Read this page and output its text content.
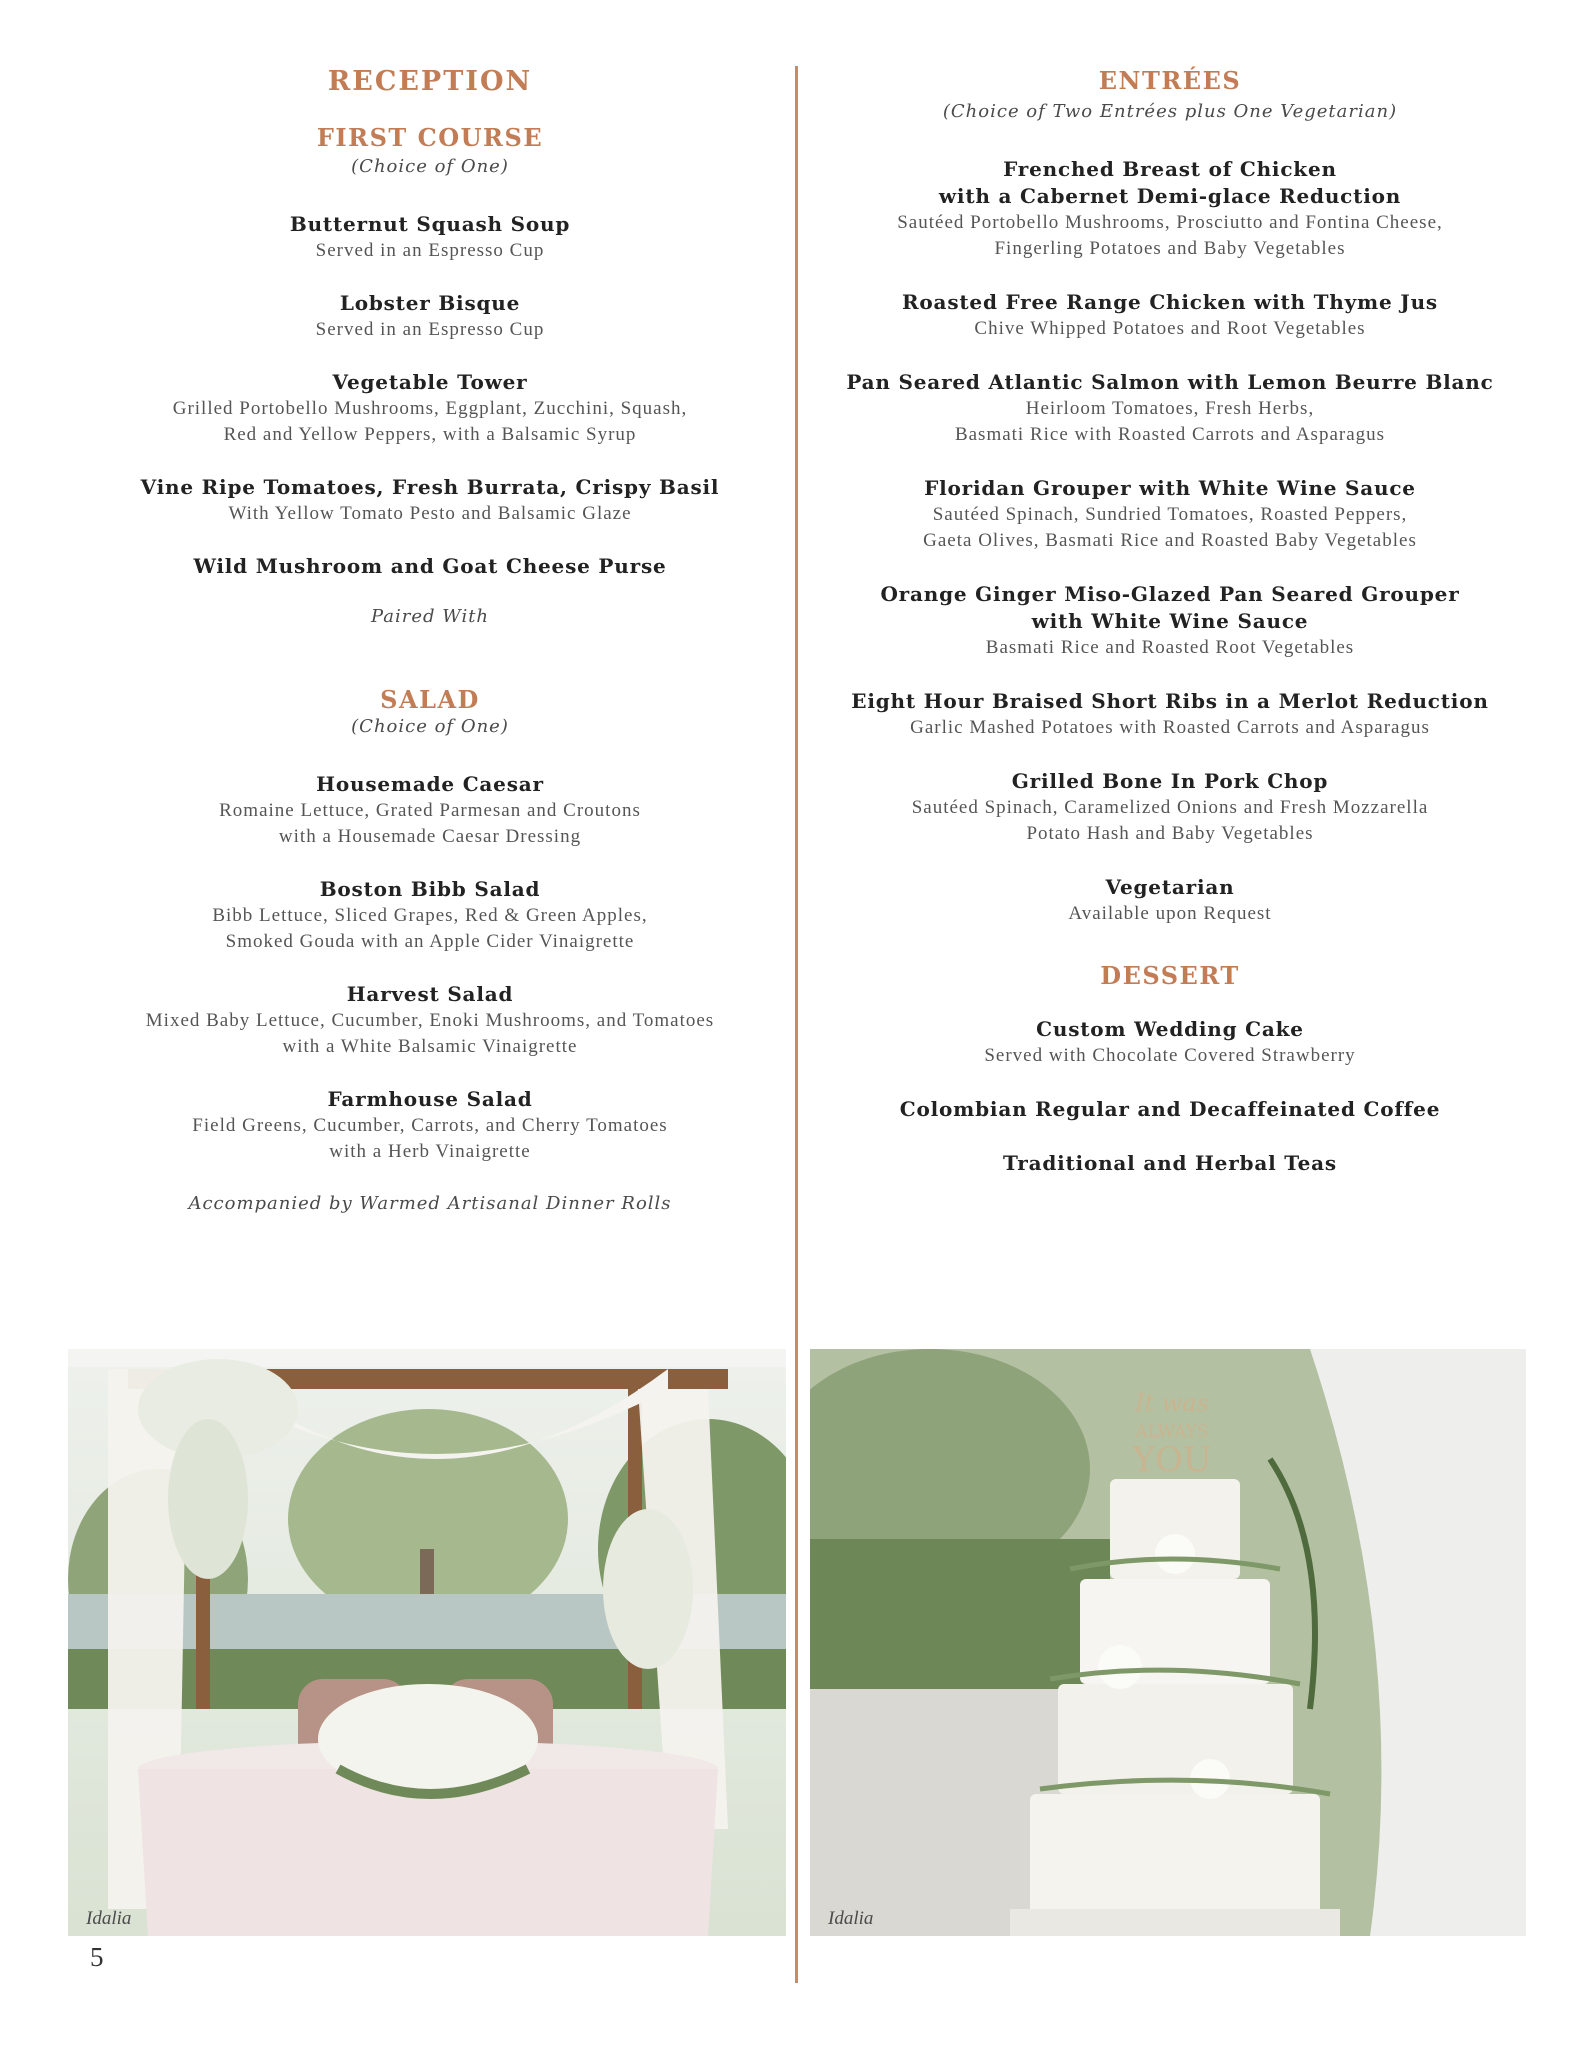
RECEPTION
FIRST COURSE
(Choice of One)
Butternut Squash Soup
Served in an Espresso Cup
Lobster Bisque
Served in an Espresso Cup
Vegetable Tower
Grilled Portobello Mushrooms, Eggplant, Zucchini, Squash,
Red and Yellow Peppers, with a Balsamic Syrup
Vine Ripe Tomatoes, Fresh Burrata, Crispy Basil
With Yellow Tomato Pesto and Balsamic Glaze
Wild Mushroom and Goat Cheese Purse
Paired With
SALAD
(Choice of One)
Housemade Caesar
Romaine Lettuce, Grated Parmesan and Croutons
with a Housemade Caesar Dressing
Boston Bibb Salad
Bibb Lettuce, Sliced Grapes, Red & Green Apples,
Smoked Gouda with an Apple Cider Vinaigrette
Harvest Salad
Mixed Baby Lettuce, Cucumber, Enoki Mushrooms, and Tomatoes
with a White Balsamic Vinaigrette
Farmhouse Salad
Field Greens, Cucumber, Carrots, and Cherry Tomatoes
with a Herb Vinaigrette
Accompanied by Warmed Artisanal Dinner Rolls
ENTRÉES
(Choice of Two Entrées plus One Vegetarian)
Frenched Breast of Chicken
with a Cabernet Demi-glace Reduction
Sautéed Portobello Mushrooms, Prosciutto and Fontina Cheese,
Fingerling Potatoes and Baby Vegetables
Roasted Free Range Chicken with Thyme Jus
Chive Whipped Potatoes and Root Vegetables
Pan Seared Atlantic Salmon with Lemon Beurre Blanc
Heirloom Tomatoes, Fresh Herbs,
Basmati Rice with Roasted Carrots and Asparagus
Floridan Grouper with White Wine Sauce
Sautéed Spinach, Sundried Tomatoes, Roasted Peppers,
Gaeta Olives, Basmati Rice and Roasted Baby Vegetables
Orange Ginger Miso-Glazed Pan Seared Grouper
with White Wine Sauce
Basmati Rice and Roasted Root Vegetables
Eight Hour Braised Short Ribs in a Merlot Reduction
Garlic Mashed Potatoes with Roasted Carrots and Asparagus
Grilled Bone In Pork Chop
Sautéed Spinach, Caramelized Onions and Fresh Mozzarella
Potato Hash and Baby Vegetables
Vegetarian
Available upon Request
DESSERT
Custom Wedding Cake
Served with Chocolate Covered Strawberry
Colombian Regular and Decaffeinated Coffee
Traditional and Herbal Teas
Idalia
It was
ALWAYS
YOU
Idalia
5
